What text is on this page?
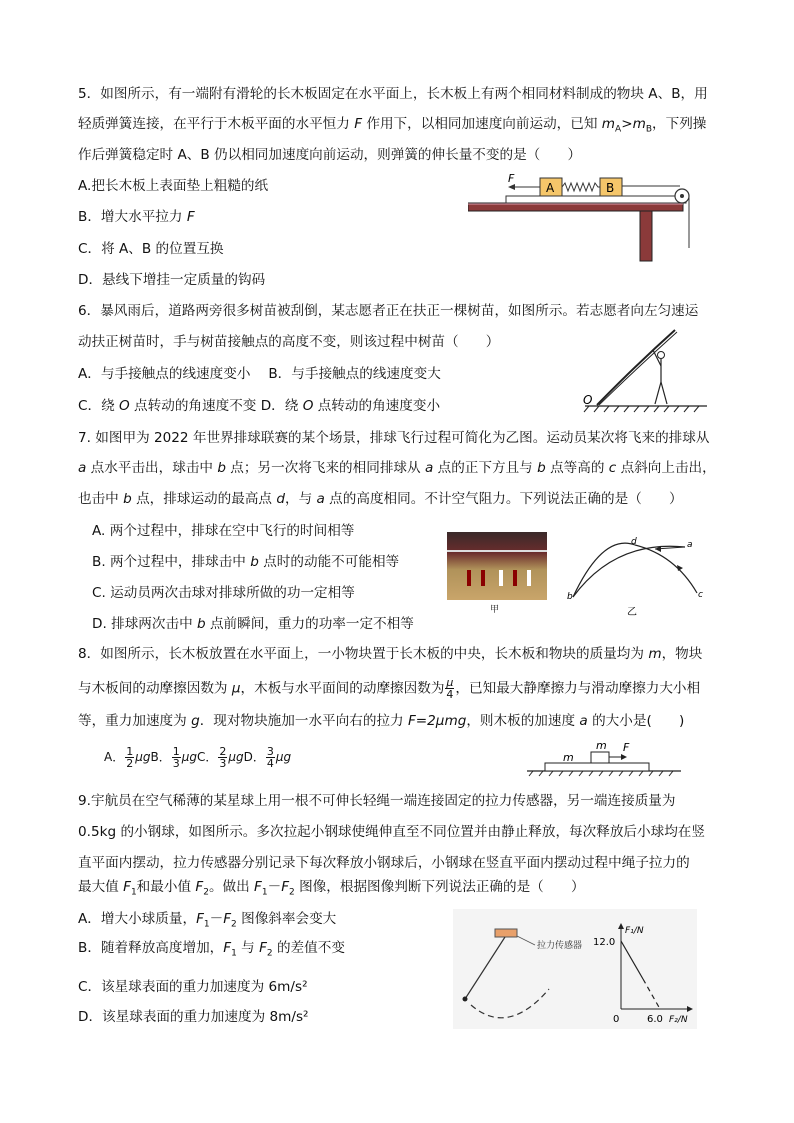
5．如图所示，有一端附有滑轮的长木板固定在水平面上，长木板上有两个相同材料制成的物块 A、B，用
轻质弹簧连接，在平行于木板平面的水平恒力 F 作用下，以相同加速度向前运动，已知 $m_A>m_B$，下列操
作后弹簧稳定时 A、B 仍以相同加速度向前运动，则弹簧的伸长量不变的是（　　）
A.把长木板上表面垫上粗糙的纸
B．增大水平拉力 F
C．将 A、B 的位置互换
D．悬线下增挂一定质量的钩码
A	B
F
6．暴风雨后，道路两旁很多树苗被刮倒，某志愿者正在扶正一棵树苗，如图所示。若志愿者向左匀速运
动扶正树苗时，手与树苗接触点的高度不变，则该过程中树苗（　　）
A．与手接触点的线速度变小　 B．与手接触点的线速度变大
C．绕 O 点转动的角速度不变 D．绕 O 点转动的角速度变小	O
7. 如图甲为 2022 年世界排球联赛的某个场景，排球飞行过程可简化为乙图。运动员某次将飞来的排球从
a 点水平击出，球击中 b 点；另一次将飞来的相同排球从 a 点的正下方且与 b 点等高的 c 点斜向上击出，
也击中 b 点，排球运动的最高点 d，与 a 点的高度相同。不计空气阻力。下列说法正确的是（　　）
A. 两个过程中，排球在空中飞行的时间相等
B. 两个过程中，排球击中 b 点时的动能不可能相等
C. 运动员两次击球对排球所做的功一定相等
D. 排球两次击中 b 点前瞬间，重力的功率一定不相等
甲
a
b	c
d
乙
8．如图所示，长木板放置在水平面上，一小物块置于长木板的中央，长木板和物块的质量均为 m，物块
与木板间的动摩擦因数为 μ，木板与水平面间的动摩擦因数为 $\frac{\mu}{4}$ ，已知最大静摩擦力与滑动摩擦力大小相
等，重力加速度为 g．现对物块施加一水平向右的拉力 F=2μmg，则木板的加速度 a 的大小是(　　)
A． $\frac{1}{2}$ μgB． $\frac{1}{3}$ μgC． $\frac{2}{3}$ μgD． $\frac{3}{4}$ μg	m
m F
9.宇航员在空气稀薄的某星球上用一根不可伸长轻绳一端连接固定的拉力传感器，另一端连接质量为
0.5kg 的小钢球，如图所示。多次拉起小钢球使绳伸直至不同位置并由静止释放，每次释放后小球均在竖
直平面内摆动，拉力传感器分别记录下每次释放小钢球后，小钢球在竖直平面内摆动过程中绳子拉力的
最大值 $F_1$和最小值 $F_2$。做出 $F_1-F_2$ 图像，根据图像判断下列说法正确的是（　　）
A．增大小球质量，$F_1-F_2$ 图像斜率会变大
B．随着释放高度增加，$F_1$ 与 $F_2$ 的差值不变
C．该星球表面的重力加速度为 6m/s²
D．该星球表面的重力加速度为 8m/s²
拉力传感器
F₁/N
12.0
0	6.0 F₂/N
